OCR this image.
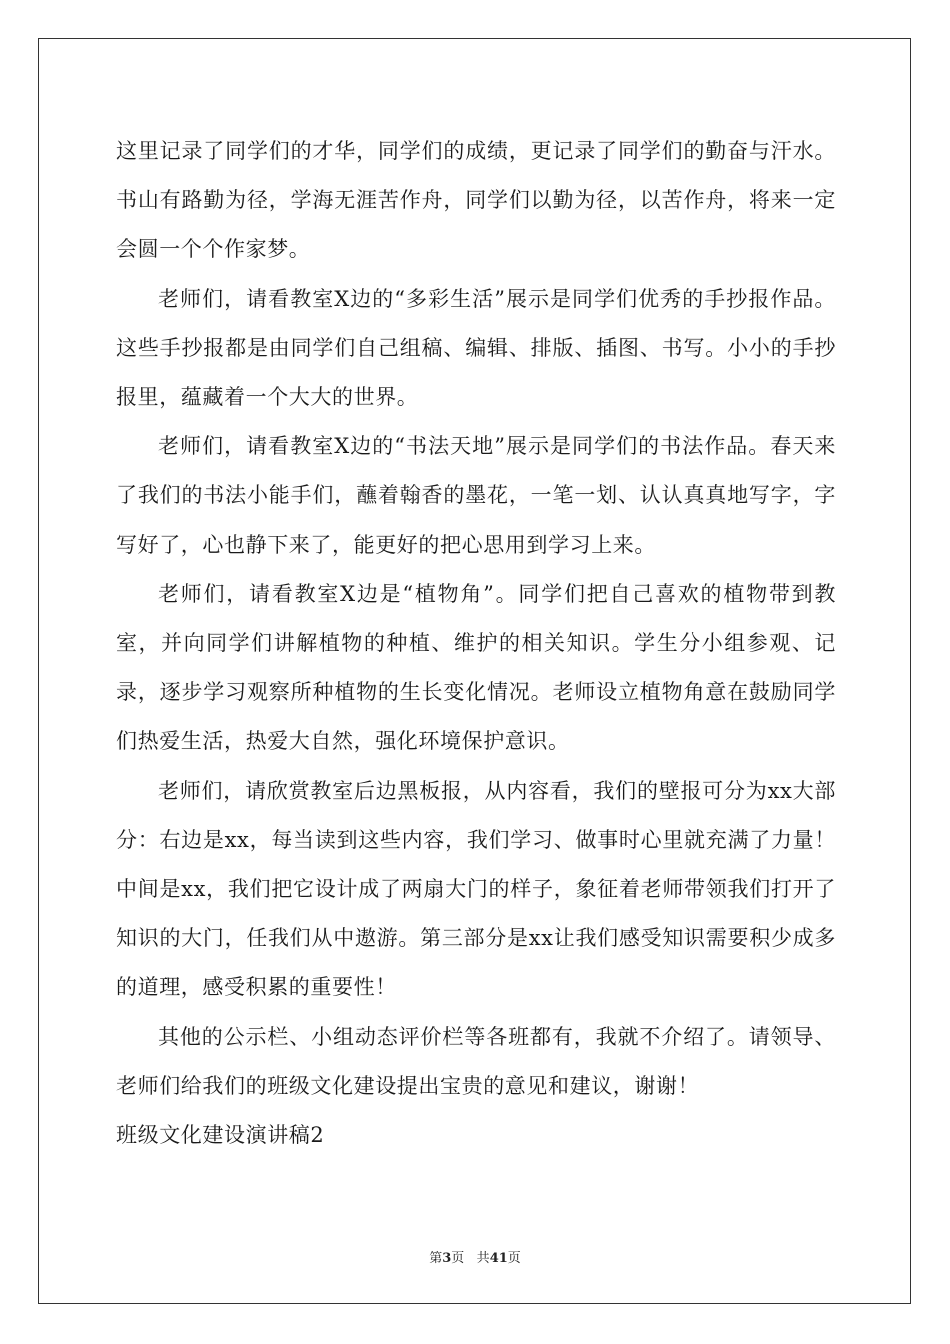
这里记录了同学们的才华，同学们的成绩，更记录了同学们的勤奋与汗水。书山有路勤为径，学海无涯苦作舟，同学们以勤为径，以苦作舟，将来一定会圆一个个作家梦。

老师们，请看教室X边的“多彩生活”展示是同学们优秀的手抄报作品。这些手抄报都是由同学们自己组稿、编辑、排版、插图、书写。小小的手抄报里，蕴藏着一个大大的世界。

老师们，请看教室X边的“书法天地”展示是同学们的书法作品。春天来了我们的书法小能手们，蘸着翰香的墨花，一笔一划、认认真真地写字，字写好了，心也静下来了，能更好的把心思用到学习上来。

老师们，请看教室X边是“植物角”。同学们把自己喜欢的植物带到教室，并向同学们讲解植物的种植、维护的相关知识。学生分小组参观、记录，逐步学习观察所种植物的生长变化情况。老师设立植物角意在鼓励同学们热爱生活，热爱大自然，强化环境保护意识。

老师们，请欣赏教室后边黑板报，从内容看，我们的壁报可分为xx大部分：右边是xx，每当读到这些内容，我们学习、做事时心里就充满了力量！中间是xx，我们把它设计成了两扇大门的样子，象征着老师带领我们打开了知识的大门，任我们从中遨游。第三部分是xx让我们感受知识需要积少成多的道理，感受积累的重要性！

其他的公示栏、小组动态评价栏等各班都有，我就不介绍了。请领导、老师们给我们的班级文化建设提出宝贵的意见和建议，谢谢！

班级文化建设演讲稿2

第3页 共41页
